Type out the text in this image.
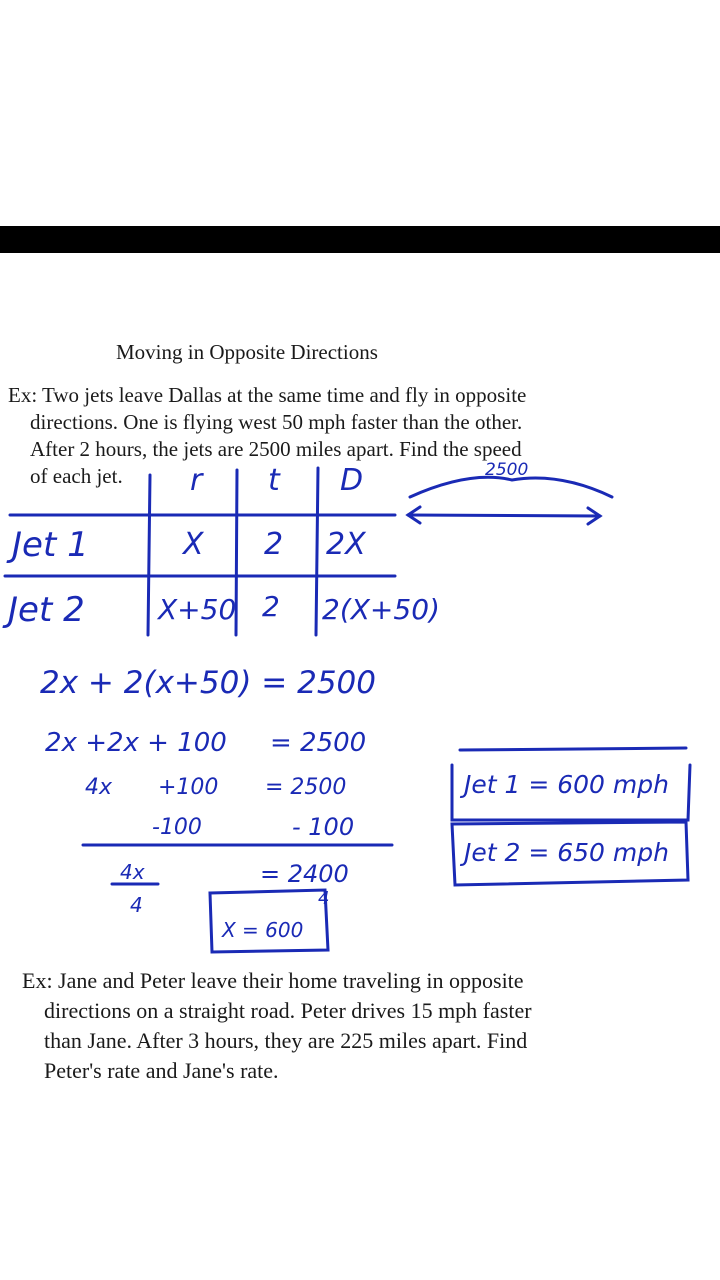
Moving in Opposite Directions
Ex: Two jets leave Dallas at the same time and fly in opposite
directions. One is flying west 50 mph faster than the other.
After 2 hours, the jets are 2500 miles apart. Find the speed
of each jet. r t D
Jet 1	X 2 2X
Jet 2	X+50 2 2(X+50)
2500
2x + 2(x+50) = 2500
2x +2x + 100 = 2500
4x +100 = 2500
-100	- 100
4x
4
= 2400
4
X = 600
Jet 1 = 600 mph
Jet 2 = 650 mph
Ex: Jane and Peter leave their home traveling in opposite
directions on a straight road. Peter drives 15 mph faster
than Jane. After 3 hours, they are 225 miles apart. Find
Peter's rate and Jane's rate.
